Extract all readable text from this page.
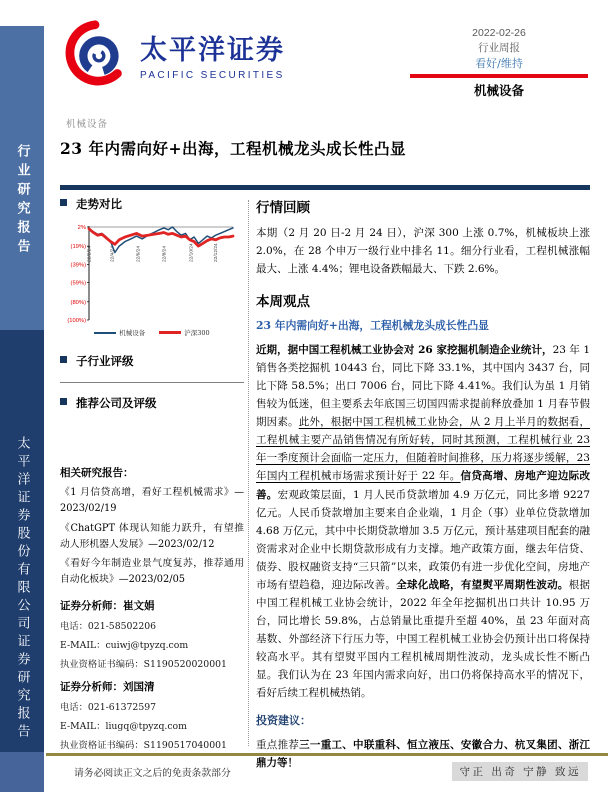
行业研究报告
太平洋证券股份有限公司证券研究报告
太平洋证券
PACIFIC SECURITIES
2022-02-26
行业周报
看好/维持
机械设备
机械设备
23 年内需向好+出海，工程机械龙头成长性凸显
走势对比
2%
(19%)
(39%)
(59%)
(80%)
(100%)
22/2/24	22/4/24	22/6/24	22/8/24	22/10/24	22/12/24
机械设备	沪深300
子行业评级
推荐公司及评级
相关研究报告：
《1 月信贷高增，看好工程机械需求》—2023/02/19
《ChatGPT 体现认知能力跃升，有望推动人形机器人发展》—2023/02/12
《看好今年制造业景气度复苏，推荐通用自动化板块》—2023/02/05
证券分析师：崔文娟
电话：021-58502206
E-MAIL：cuiwj@tpyzq.com
执业资格证书编码：S1190520020001
证券分析师：刘国清
电话：021-61372597
E-MAIL：liugq@tpyzq.com
执业资格证书编码：S1190517040001
行情回顾

本期（2 月 20 日-2 月 24 日），沪深 300 上涨 0.7%，机械板块上涨 2.0%，在 28 个申万一级行业中排名 11。细分行业看，工程机械涨幅最大、上涨 4.4%；锂电设备跌幅最大、下跌 2.6%。

本周观点
23 年内需向好+出海，工程机械龙头成长性凸显

近期，据中国工程机械工业协会对 26 家挖掘机制造企业统计，23 年 1 销售各类挖掘机 10443 台，同比下降 33.1%，其中国内 3437 台，同比下降 58.5%；出口 7006 台，同比下降 4.41%。我们认为虽 1 月销售较为低迷，但主要系去年底国三切国四需求提前释放叠加 1 月春节假期因素。此外，根据中国工程机械工业协会，从 2 月上半月的数据看，工程机械主要产品销售情况有所好转，同时其预测，工程机械行业 23 年一季度预计会面临一定压力，但随着时间推移，压力将逐步缓解，23 年国内工程机械市场需求预计好于 22 年。信贷高增、房地产迎边际改善。宏观政策层面，1 月人民币贷款增加 4.9 万亿元，同比多增 9227 亿元。人民币贷款增加主要来自企业端，1 月企（事）业单位贷款增加 4.68 万亿元，其中中长期贷款增加 3.5 万亿元，预计基建项目配套的融资需求对企业中长期贷款形成有力支撑。地产政策方面，继去年信贷、债券、股权融资支持“三只箭”以来，政策仍有进一步优化空间，房地产市场有望趋稳，迎边际改善。全球化战略，有望熨平周期性波动。根据中国工程机械工业协会统计，2022 年全年挖掘机出口共计 10.95 万台，同比增长 59.8%，占总销量比重提升至超 40%，虽 23 年面对高基数、外部经济下行压力等，中国工程机械工业协会仍预计出口将保持较高水平。其有望熨平国内工程机械周期性波动，龙头成长性不断凸显。我们认为在 23 年国内需求向好，出口仍将保持高水平的情况下，看好后续工程机械热销。

投资建议：

重点推荐三一重工、中联重科、恒立液压、安徽合力、杭叉集团、浙江鼎力等！

请务必阅读正文之后的免责条款部分	守正 出奇 宁静 致远
